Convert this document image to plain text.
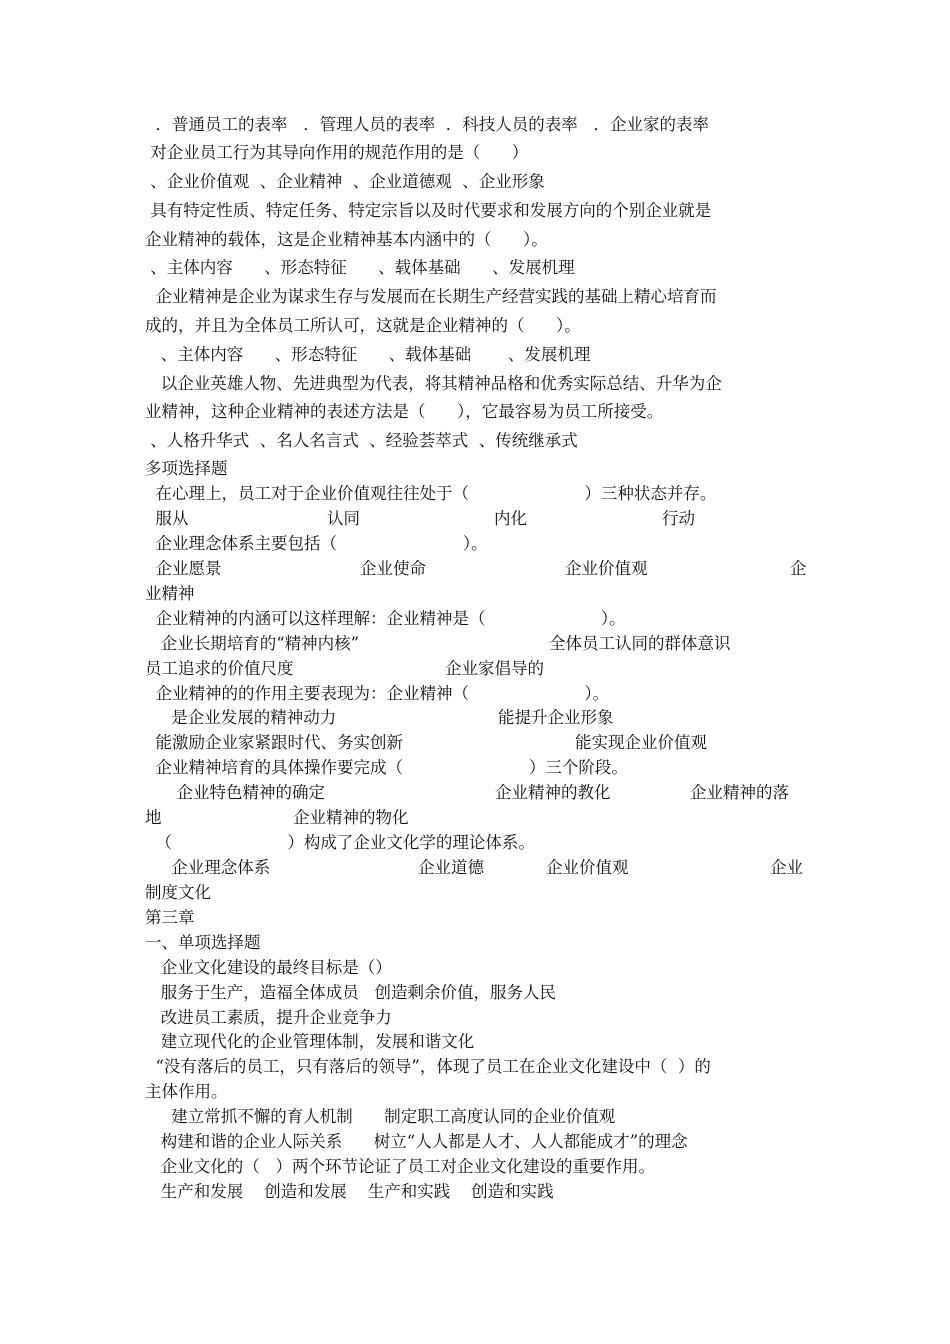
．普通员工的表率   ．管理人员的表率  ．科技人员的表率   ．企业家的表率
对企业员工行为其导向作用的规范作用的是（      ）
、企业价值观  、企业精神  、企业道德观  、企业形象
具有特定性质、特定任务、特定宗旨以及时代要求和发展方向的个别企业就是
企业精神的载体，这是企业精神基本内涵中的（      ）。
、主体内容      、形态特征      、载体基础      、发展机理
企业精神是企业为谋求生存与发展而在长期生产经营实践的基础上精心培育而
成的，并且为全体员工所认可，这就是企业精神的（      ）。
、主体内容      、形态特征      、载体基础       、发展机理
以企业英雄人物、先进典型为代表，将其精神品格和优秀实际总结、升华为企
业精神，这种企业精神的表述方法是（      ），它最容易为员工所接受。
、人格升华式  、名人名言式  、经验荟萃式  、传统继承式
多项选择题
在心理上，员工对于企业价值观往往处于（                      ）三种状态并存。
服从	认同	内化	行动
企业理念体系主要包括（                        ）。
企业愿景	企业使命	企业价值观	企
业精神
企业精神的内涵可以这样理解：企业精神是（                      ）。
企业长期培育的“精神内核”	全体员工认同的群体意识
员工追求的价值尺度	企业家倡导的
企业精神的的作用主要表现为：企业精神（                      ）。
是企业发展的精神动力	能提升企业形象
能激励企业家紧跟时代、务实创新	能实现企业价值观
企业精神培育的具体操作要完成（                        ）三个阶段。
企业特色精神的确定	企业精神的教化	企业精神的落
地	企业精神的物化
（                      ）构成了企业文化学的理论体系。
企业理念体系	企业道德	企业价值观	企业
制度文化
第三章
一、单项选择题
企业文化建设的最终目标是（）
服务于生产，造福全体成员   创造剩余价值，服务人民
改进员工素质，提升企业竞争力
建立现代化的企业管理体制，发展和谐文化
“没有落后的员工，只有落后的领导”，体现了员工在企业文化建设中（  ）的
主体作用。
建立常抓不懈的育人机制      制定职工高度认同的企业价值观
构建和谐的企业人际关系      树立“人人都是人才、人人都能成才”的理念
企业文化的（   ）两个环节论证了员工对企业文化建设的重要作用。
生产和发展    创造和发展    生产和实践    创造和实践
